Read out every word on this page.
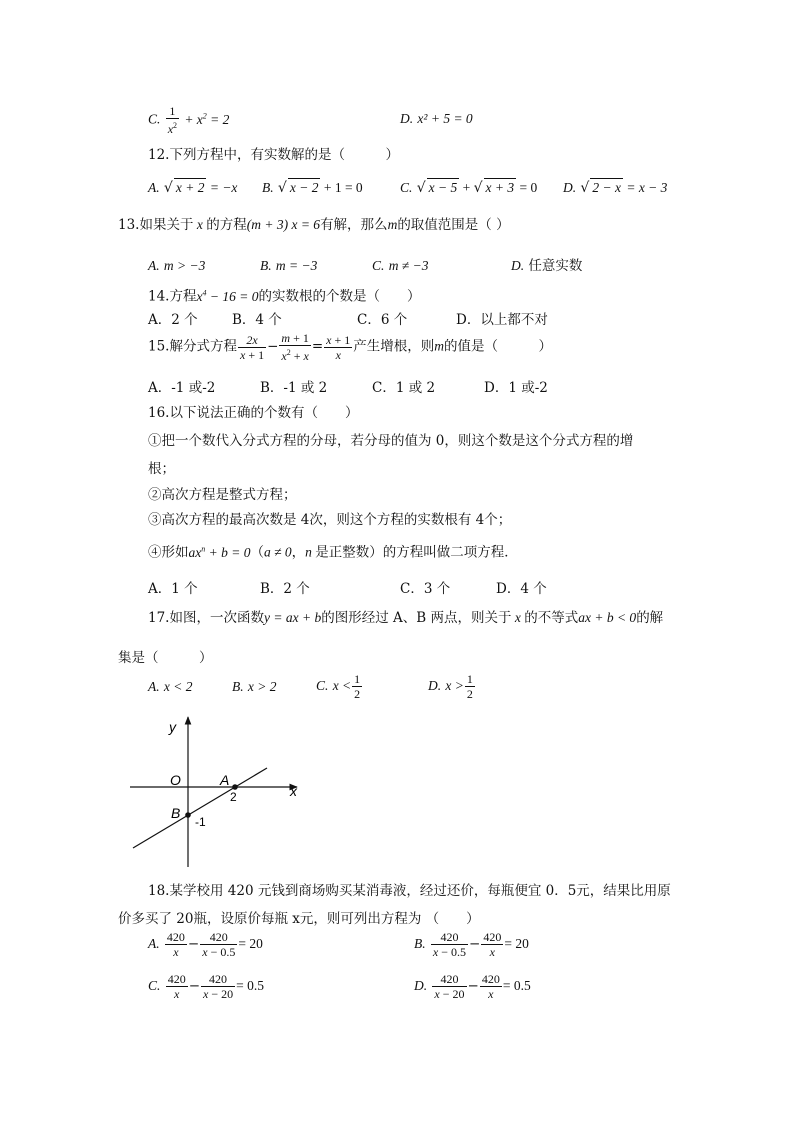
C. $\frac{1}{x^2} + x^2 = 2$	D. x² + 5 = 0
12.下列方程中，有实数解的是（　　　）
A. √ x + 2 = −x B. √ x − 2 + 1 = 0	C. √ x − 5 + √ x + 3 = 0 D. √ 2 − x = x − 3
13.如果关于 x 的方程(m + 3) x = 6有解，那么m的取值范围是（ ）
A. m > −3	B. m = −3	C. m ≠ −3	D. 任意实数
14.方程$x^4 - 16 = 0$的实数根的个数是（　　）
A．2 个	B．4 个	C．6 个	D．以上都不对
15.解分式方程 $\frac{2x}{x + 1} - \frac{m + 1}{x^2 + x} = \frac{x + 1}{x}$ 产生增根，则m的值是（　　　）
A．-1 或-2	B．-1 或 2	C．1 或 2	D．1 或-2
16.以下说法正确的个数有（　　）
①把一个数代入分式方程的分母，若分母的值为 0，则这个数是这个分式方程的增
根；
②高次方程是整式方程；
③高次方程的最高次数是 4次，则这个方程的实数根有 4个；
④形如$ax^n + b = 0(a \ne 0$，n 是正整数）的方程叫做二项方程．
A．1 个	B．2 个	C．3 个	D．4 个
17.如图，一次函数y = ax + b的图形经过 A、B 两点，则关于 x 的不等式ax + b < 0的解
集是（　　　）
A. x < 2	B. x > 2	C. $x < \frac{1}{2}$	D. $x > \frac{1}{2}$
y
O	A
x
B
2
-1
18.某学校用 420 元钱到商场购买某消毒液，经过还价，每瓶便宜 0．5元，结果比用原
价多买了 20瓶，设原价每瓶 x元，则可列出方程为 （　　）
A. $\frac{420}{x} - \frac{420}{x - 0.5} = 20$	B. $\frac{420}{x - 0.5} - \frac{420}{x} = 20$
C. $\frac{420}{x} - \frac{420}{x - 20} = 0.5$	D. $\frac{420}{x - 20} - \frac{420}{x} = 0.5$
